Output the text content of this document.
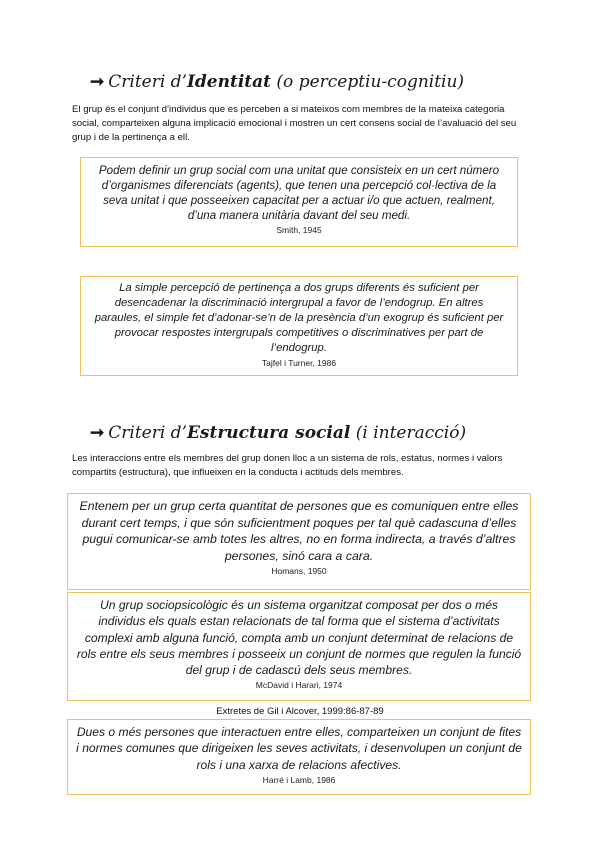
➞ Criteri d’Identitat (o perceptiu-cognitiu)
El grup és el conjunt d’individus que es perceben a si mateixos com membres de la mateixa categoria social, comparteixen alguna implicació emocional i mostren un cert consens social de l’avaluació del seu grup i de la pertinença a ell.
Podem definir un grup social com una unitat que consisteix en un cert número d’organismes diferenciats (agents), que tenen una percepció col·lectiva de la seva unitat i que posseeixen capacitat per a actuar i/o que actuen, realment, d’una manera unitària davant del seu medi.
Smith, 1945
La simple percepció de pertinença a dos grups diferents és suficient per desencadenar la discriminació intergrupal a favor de l’endogrup. En altres paraules, el simple fet d’adonar-se’n de la presència d’un exogrup és suficient per provocar respostes intergrupals competitives o discriminatives per part de l’endogrup.
Tajfel i Turner, 1986
➞ Criteri d’Estructura social (i interacció)
Les interaccions entre els membres del grup donen lloc a un sistema de rols, estatus, normes i valors compartits (estructura), que influeixen en la conducta i actituds dels membres.
Entenem per un grup certa quantitat de persones que es comuniquen entre elles durant cert temps, i que són suficientment poques per tal què cadascuna d’elles pugui comunicar-se amb totes les altres, no en forma indirecta, a través d’altres persones, sinó cara a cara.
Homans, 1950
Un grup sociopsicològic és un sistema organitzat composat per dos o més individus els quals estan relacionats de tal forma que el sistema d’activitats complexi amb alguna funció, compta amb un conjunt determinat de relacions de rols entre els seus membres i posseeix un conjunt de normes que regulen la funció del grup i de cadascú dels seus membres.
McDavid i Harari, 1974
Extretes de Gil i Alcover, 1999:86-87-89
Dues o més persones que interactuen entre elles, comparteixen un conjunt de fites i normes comunes que dirigeixen les seves activitats, i desenvolupen un conjunt de rols i una xarxa de relacions afectives.
Harré i Lamb, 1986
